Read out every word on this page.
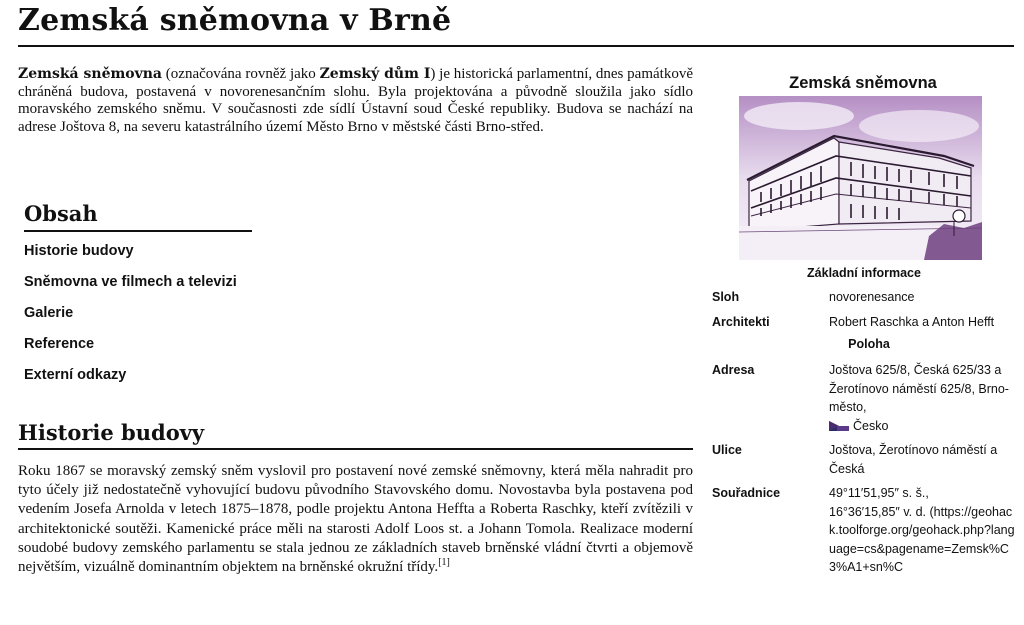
Zemská sněmovna v Brně

Zemská sněmovna (označována rovněž jako Zemský dům I) je historická parlamentní, dnes památkově chráněná budova, postavená v novorenesančním slohu. Byla projektována a původně sloužila jako sídlo moravského zemského sněmu. V současnosti zde sídlí Ústavní soud České republiky. Budova se nachází na adrese Joštova 8, na severu katastrálního území Město Brno v městské části Brno-střed.

Obsah
Historie budovy
Sněmovna ve filmech a televizi
Galerie
Reference
Externí odkazy
Historie budovy

Roku 1867 se moravský zemský sněm vyslovil pro postavení nové zemské sněmovny, která měla nahradit pro tyto účely již nedostatečně vyhovující budovu původního Stavovského domu. Novostavba byla postavena pod vedením Josefa Arnolda v letech 1875–1878, podle projektu Antona Heffta a Roberta Raschky, kteří zvítězili v architektonické soutěži. Kamenické práce měli na starosti Adolf Loos st. a Johann Tomola. Realizace moderní soudobé budovy zemského parlamentu se stala jednou ze základních staveb brněnské vládní čtvrti a objemově největším, vizuálně dominantním objektem na brněnské okružní třídy.[1]

Zemská sněmovna
Základní informace
Sloh	novorenesance
Architekti	Robert Raschka a Anton Hefft
Poloha
Adresa	Joštova 625/8, Česká 625/33 a Žerotínovo náměstí 625/8, Brno-město,
Česko
Ulice	Joštova, Žerotínovo náměstí a Česká
Souřadnice	49°11′51,95″ s. š.,
16°36′15,85″ v. d. (https://geohack.toolforge.org/geohack.php?language=cs&pagename=Zemsk%C3%A1+sn%C
